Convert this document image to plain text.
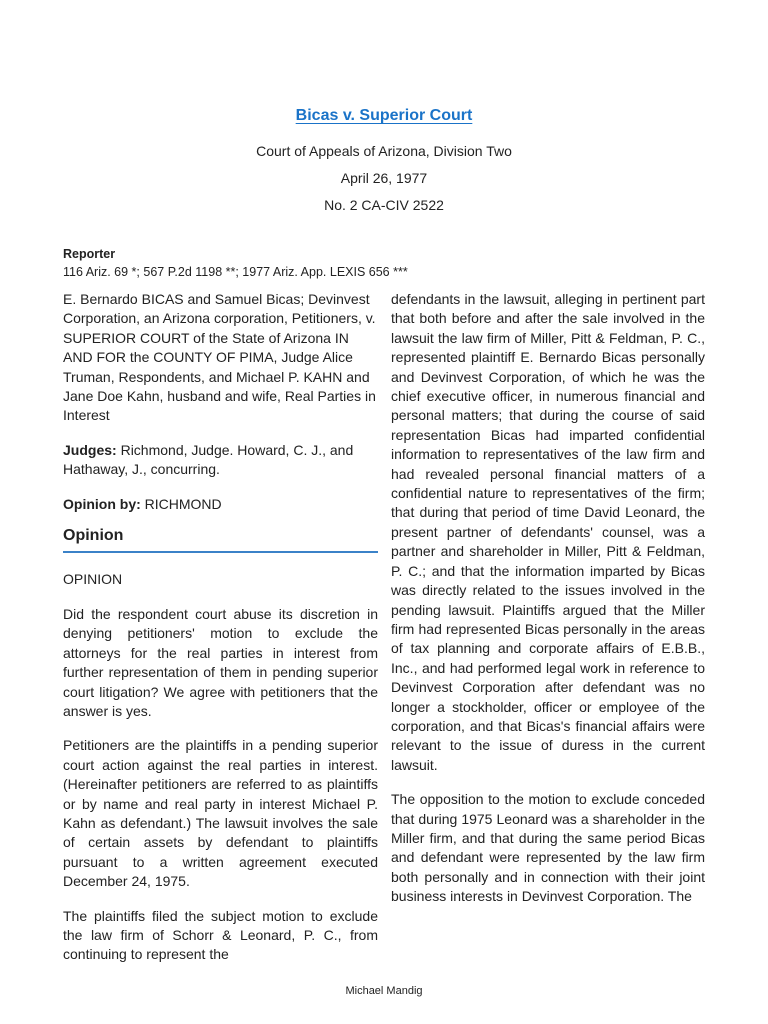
Bicas v. Superior Court
Court of Appeals of Arizona, Division Two
April 26, 1977
No. 2 CA-CIV 2522
Reporter
116 Ariz. 69 *; 567 P.2d 1198 **; 1977 Ariz. App. LEXIS 656 ***

E. Bernardo BICAS and Samuel Bicas; Devinvest Corporation, an Arizona corporation, Petitioners, v. SUPERIOR COURT of the State of Arizona IN AND FOR the COUNTY OF PIMA, Judge Alice Truman, Respondents, and Michael P. KAHN and Jane Doe Kahn, husband and wife, Real Parties in Interest

Judges: Richmond, Judge. Howard, C. J., and Hathaway, J., concurring.

Opinion by: RICHMOND

Opinion

OPINION

Did the respondent court abuse its discretion in denying petitioners' motion to exclude the attorneys for the real parties in interest from further representation of them in pending superior court litigation? We agree with petitioners that the answer is yes.

Petitioners are the plaintiffs in a pending superior court action against the real parties in interest. (Hereinafter petitioners are referred to as plaintiffs or by name and real party in interest Michael P. Kahn as defendant.) The lawsuit involves the sale of certain assets by defendant to plaintiffs pursuant to a written agreement executed December 24, 1975.

The plaintiffs filed the subject motion to exclude the law firm of Schorr & Leonard, P. C., from continuing to represent the

defendants in the lawsuit, alleging in pertinent part that both before and after the sale involved in the lawsuit the law firm of Miller, Pitt & Feldman, P. C., represented plaintiff E. Bernardo Bicas personally and Devinvest Corporation, of which he was the chief executive officer, in numerous financial and personal matters; that during the course of said representation Bicas had imparted confidential information to representatives of the law firm and had revealed personal financial matters of a confidential nature to representatives of the firm; that during that period of time David Leonard, the present partner of defendants' counsel, was a partner and shareholder in Miller, Pitt & Feldman, P. C.; and that the information imparted by Bicas was directly related to the issues involved in the pending lawsuit. Plaintiffs argued that the Miller firm had represented Bicas personally in the areas of tax planning and corporate affairs of E.B.B., Inc., and had performed legal work in reference to Devinvest Corporation after defendant was no longer a stockholder, officer or employee of the corporation, and that Bicas's financial affairs were relevant to the issue of duress in the current lawsuit.

The opposition to the motion to exclude conceded that during 1975 Leonard was a shareholder in the Miller firm, and that during the same period Bicas and defendant were represented by the law firm both personally and in connection with their joint business interests in Devinvest Corporation. The

Michael Mandig
